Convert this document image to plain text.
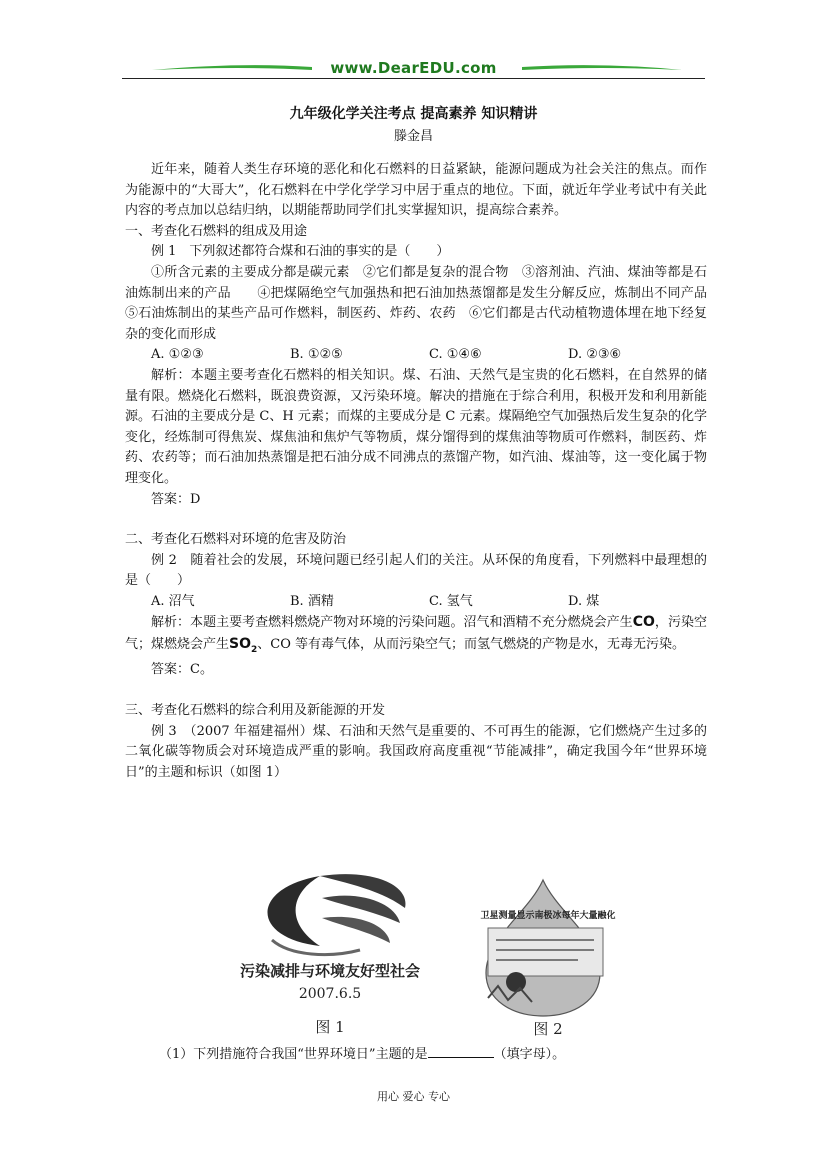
www.DearEDU.com
九年级化学关注考点 提高素养 知识精讲
滕金昌

近年来，随着人类生存环境的恶化和化石燃料的日益紧缺，能源问题成为社会关注的焦点。而作为能源中的“大哥大”，化石燃料在中学化学学习中居于重点的地位。下面，就近年学业考试中有关此内容的考点加以总结归纳，以期能帮助同学们扎实掌握知识，提高综合素养。

一、考查化石燃料的组成及用途

例 1　下列叙述都符合煤和石油的事实的是（　　）

①所含元素的主要成分都是碳元素　②它们都是复杂的混合物　③溶剂油、汽油、煤油等都是石油炼制出来的产品　　④把煤隔绝空气加强热和把石油加热蒸馏都是发生分解反应，炼制出不同产品　⑤石油炼制出的某些产品可作燃料，制医药、炸药、农药　⑥它们都是古代动植物遗体埋在地下经复杂的变化而形成

A. ①②③	B. ①②⑤	C. ①④⑥	D. ②③⑥

解析：本题主要考查化石燃料的相关知识。煤、石油、天然气是宝贵的化石燃料，在自然界的储量有限。燃烧化石燃料，既浪费资源，又污染环境。解决的措施在于综合利用，积极开发和利用新能源。石油的主要成分是 C、H 元素；而煤的主要成分是 C 元素。煤隔绝空气加强热后发生复杂的化学变化，经炼制可得焦炭、煤焦油和焦炉气等物质，煤分馏得到的煤焦油等物质可作燃料，制医药、炸药、农药等；而石油加热蒸馏是把石油分成不同沸点的蒸馏产物，如汽油、煤油等，这一变化属于物理变化。

答案：D

二、考查化石燃料对环境的危害及防治

例 2　随着社会的发展，环境问题已经引起人们的关注。从环保的角度看，下列燃料中最理想的是（　　）

A. 沼气	B. 酒精	C. 氢气	D. 煤

解析：本题主要考查燃料燃烧产物对环境的污染问题。沼气和酒精不充分燃烧会产生CO，污染空气；煤燃烧会产生$SO_2$、CO 等有毒气体，从而污染空气；而氢气燃烧的产物是水，无毒无污染。

答案：C。

三、考查化石燃料的综合利用及新能源的开发

例 3　（2007 年福建福州）煤、石油和天然气是重要的、不可再生的能源，它们燃烧产生过多的二氧化碳等物质会对环境造成严重的影响。我国政府高度重视“节能减排”，确定我国今年“世界环境日”的主题和标识（如图 1）

污染减排与环境友好型社会
2007.6.5
图 1
卫星测量显示南极冰每年大量融化
图 2

（1）下列措施符合我国“世界环境日”主题的是	（填字母）。

用心 爱心 专心
